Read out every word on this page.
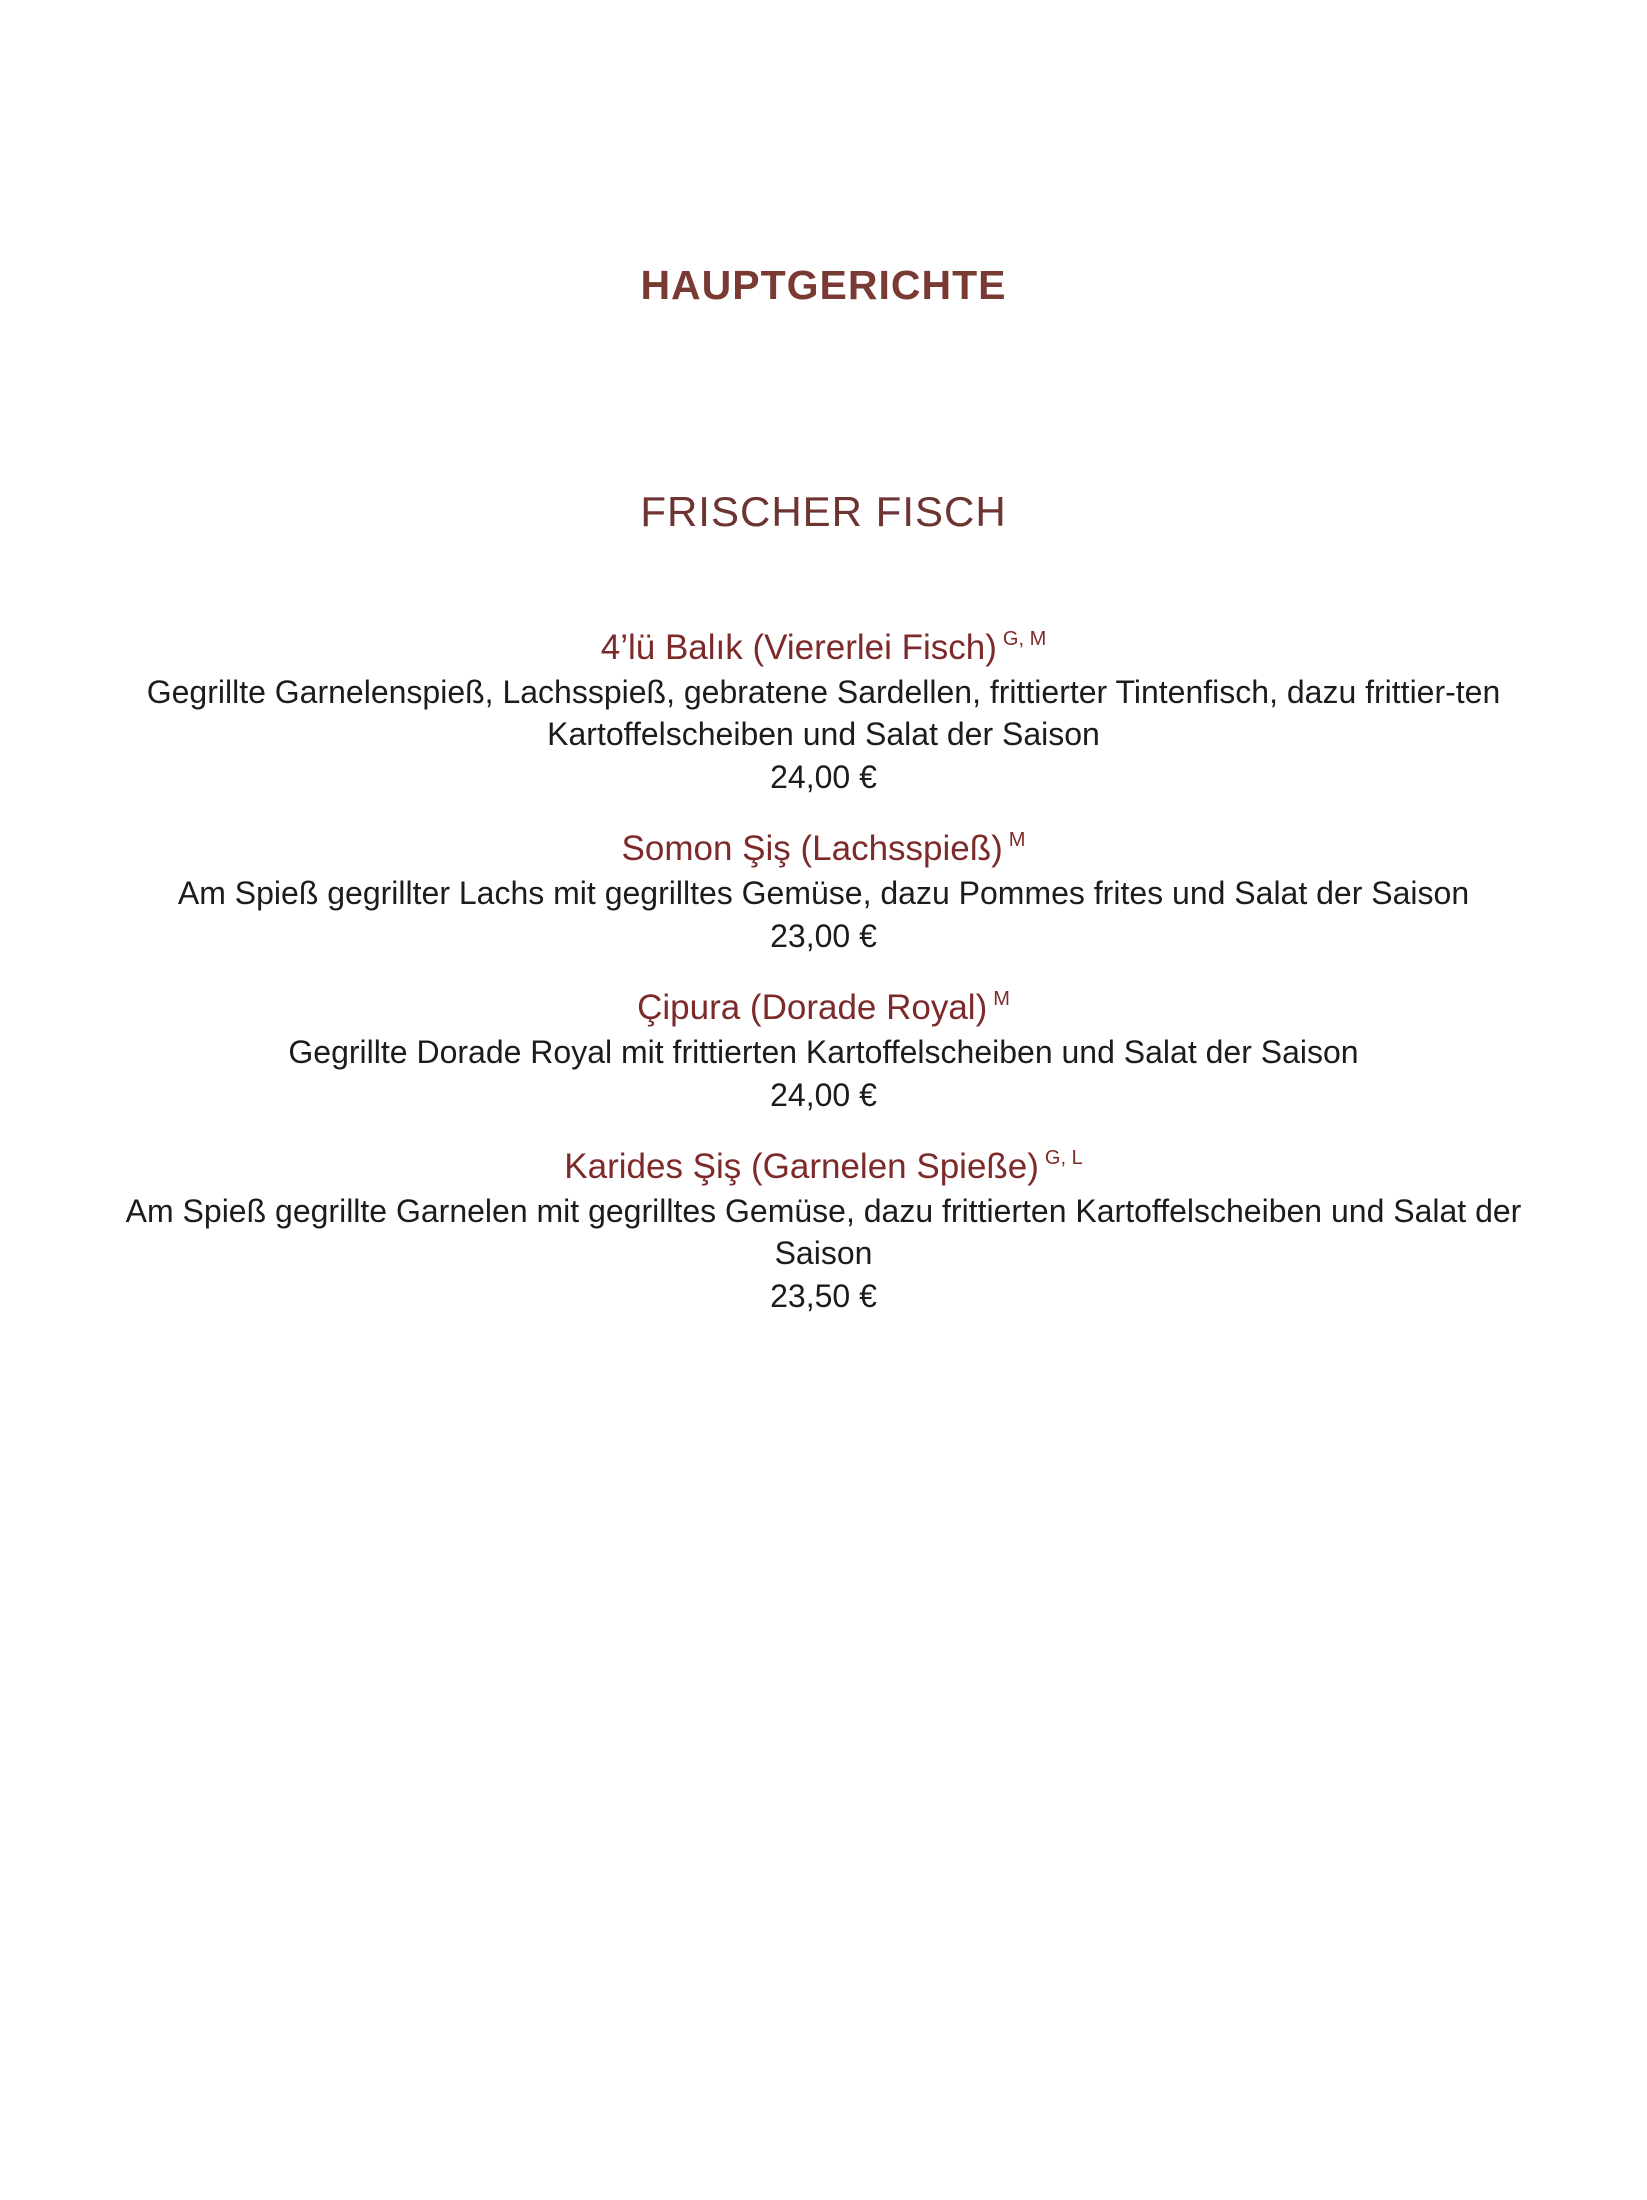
HAUPTGERICHTE
FRISCHER FISCH
4’lü Balık (Viererlei Fisch) $^{G, M}$
Gegrillte Garnelenspieß, Lachsspieß, gebratene Sardellen, frittierter Tintenfisch, dazu frittier-ten Kartoffelscheiben und Salat der Saison
24,00 €
Somon Şiş (Lachsspieß) $^M$
Am Spieß gegrillter Lachs mit gegrilltes Gemüse, dazu Pommes frites und Salat der Saison
23,00 €
Çipura (Dorade Royal) $^M$
Gegrillte Dorade Royal mit frittierten Kartoffelscheiben und Salat der Saison
24,00 €
Karides Şiş (Garnelen Spieße) $^{G, L}$
Am Spieß gegrillte Garnelen mit gegrilltes Gemüse, dazu frittierten Kartoffelscheiben und Salat der Saison
23,50 €
